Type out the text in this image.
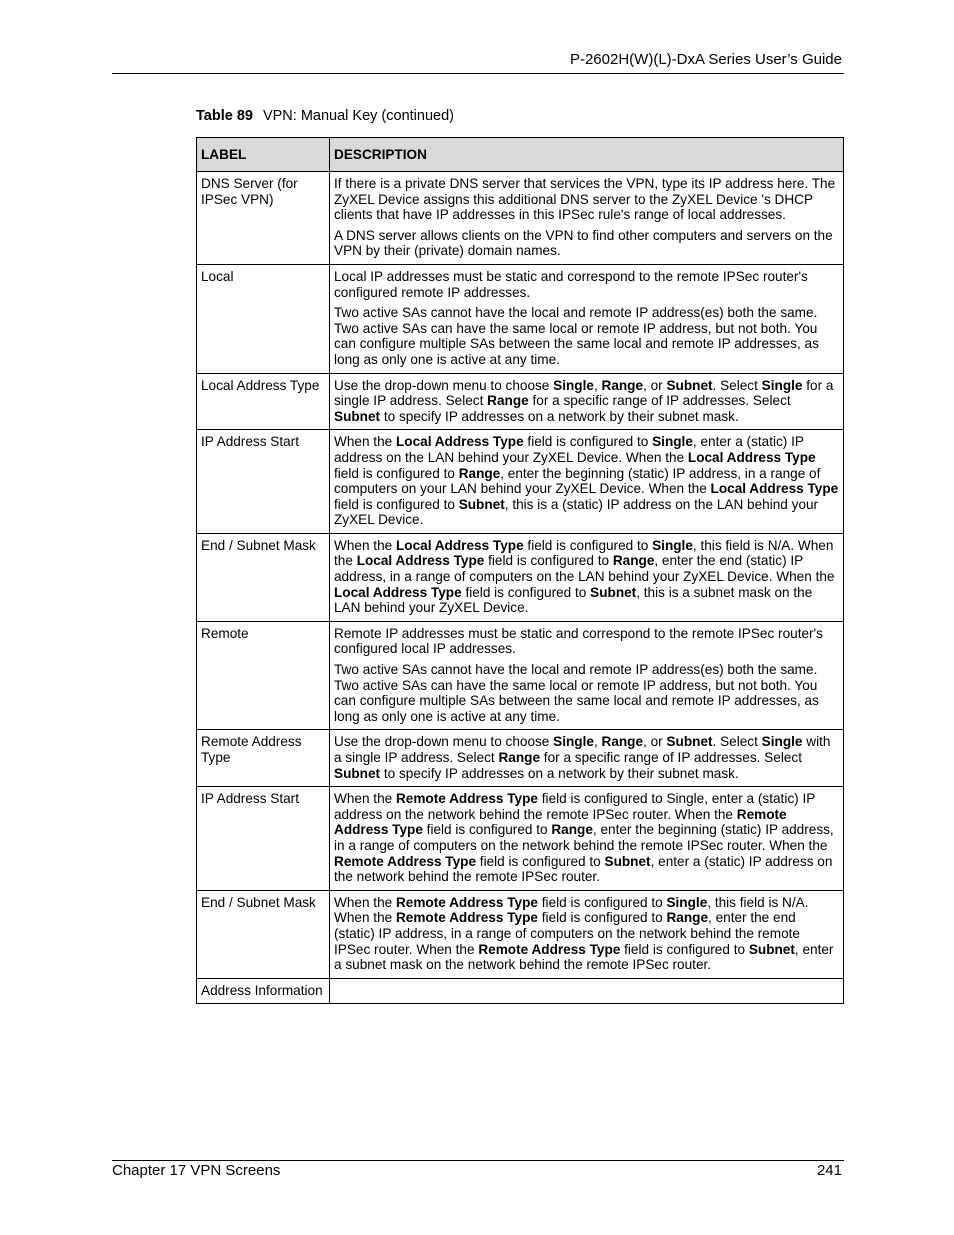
P-2602H(W)(L)-DxA Series User’s Guide
Table 89 VPN: Manual Key (continued)
LABEL	DESCRIPTION
DNS Server (for IPSec VPN)	If there is a private DNS server that services the VPN, type its IP address here. The ZyXEL Device assigns this additional DNS server to the ZyXEL Device 's DHCP clients that have IP addresses in this IPSec rule's range of local addresses.

A DNS server allows clients on the VPN to find other computers and servers on the VPN by their (private) domain names.

Local	Local IP addresses must be static and correspond to the remote IPSec router's configured remote IP addresses.

Two active SAs cannot have the local and remote IP address(es) both the same. Two active SAs can have the same local or remote IP address, but not both. You can configure multiple SAs between the same local and remote IP addresses, as long as only one is active at any time.

Local Address Type	Use the drop-down menu to choose Single, Range, or Subnet. Select Single for a single IP address. Select Range for a specific range of IP addresses. Select Subnet to specify IP addresses on a network by their subnet mask.

IP Address Start	When the Local Address Type field is configured to Single, enter a (static) IP address on the LAN behind your ZyXEL Device. When the Local Address Type field is configured to Range, enter the beginning (static) IP address, in a range of computers on your LAN behind your ZyXEL Device. When the Local Address Type field is configured to Subnet, this is a (static) IP address on the LAN behind your ZyXEL Device.

End / Subnet Mask	When the Local Address Type field is configured to Single, this field is N/A. When the Local Address Type field is configured to Range, enter the end (static) IP address, in a range of computers on the LAN behind your ZyXEL Device. When the Local Address Type field is configured to Subnet, this is a subnet mask on the LAN behind your ZyXEL Device.

Remote	Remote IP addresses must be static and correspond to the remote IPSec router's configured local IP addresses.

Two active SAs cannot have the local and remote IP address(es) both the same. Two active SAs can have the same local or remote IP address, but not both. You can configure multiple SAs between the same local and remote IP addresses, as long as only one is active at any time.

Remote Address Type	Use the drop-down menu to choose Single, Range, or Subnet. Select Single with a single IP address. Select Range for a specific range of IP addresses. Select Subnet to specify IP addresses on a network by their subnet mask.

IP Address Start	When the Remote Address Type field is configured to Single, enter a (static) IP address on the network behind the remote IPSec router. When the Remote Address Type field is configured to Range, enter the beginning (static) IP address, in a range of computers on the network behind the remote IPSec router. When the Remote Address Type field is configured to Subnet, enter a (static) IP address on the network behind the remote IPSec router.

End / Subnet Mask	When the Remote Address Type field is configured to Single, this field is N/A. When the Remote Address Type field is configured to Range, enter the end (static) IP address, in a range of computers on the network behind the remote IPSec router. When the Remote Address Type field is configured to Subnet, enter a subnet mask on the network behind the remote IPSec router.

Address Information	
Chapter 17 VPN Screens	241
